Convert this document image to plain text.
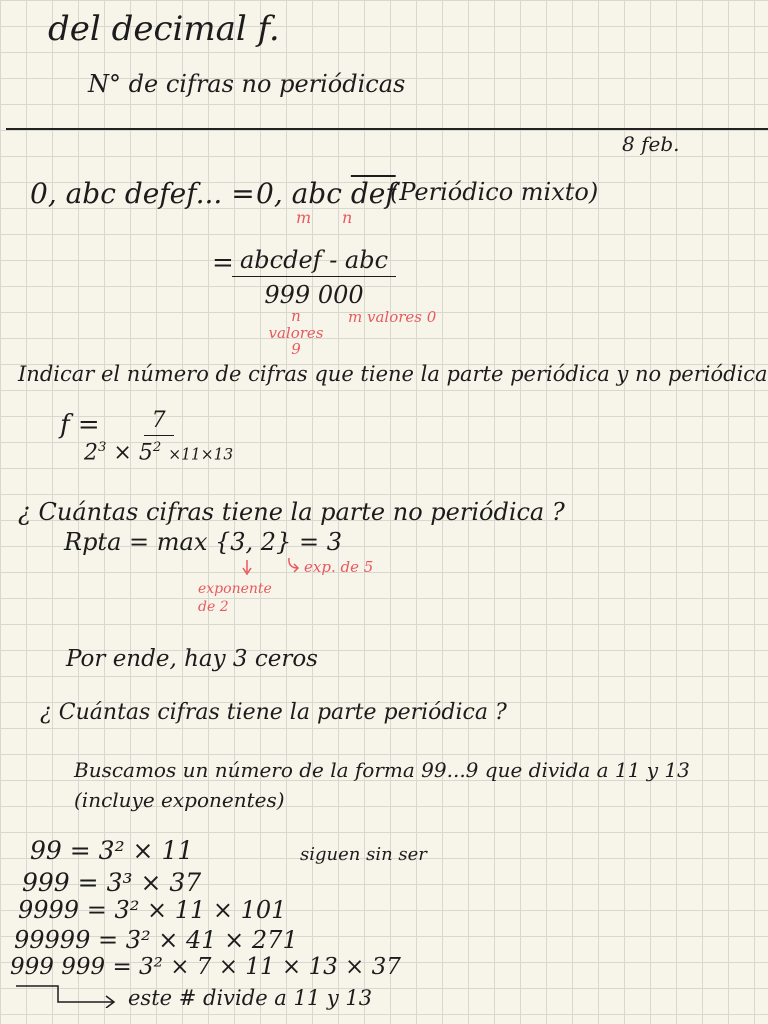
del decimal f.
N° de cifras no periódicas
8 feb.
0, abc defef... = 0, abc $\overline{def}$
(Periódico mixto)
m n
= abcdef - abc
999 000
n valores 9
m valores 0
Indicar el número de cifras que tiene la parte periódica y no periódica
f =
$\frac{7}{2^3 \times 5^2 \times 11\times 13}$
¿ Cuántas cifras tiene la parte no periódica ?
Rpta = max {3, 2} = 3
exponente de 2
exp. de 5
Por ende, hay 3 ceros
¿ Cuántas cifras tiene la parte periódica ?
Buscamos un número de la forma 99...9 que divida a 11 y 13
(incluye exponentes)
99 = 3² × 11
999 = 3³ × 37
9999 = 3² × 11 × 101
99999 = 3² × 41 × 271
999 999 = 3² × 7 × 11 × 13 × 37
siguen sin ser
este # divide a 11 y 13
